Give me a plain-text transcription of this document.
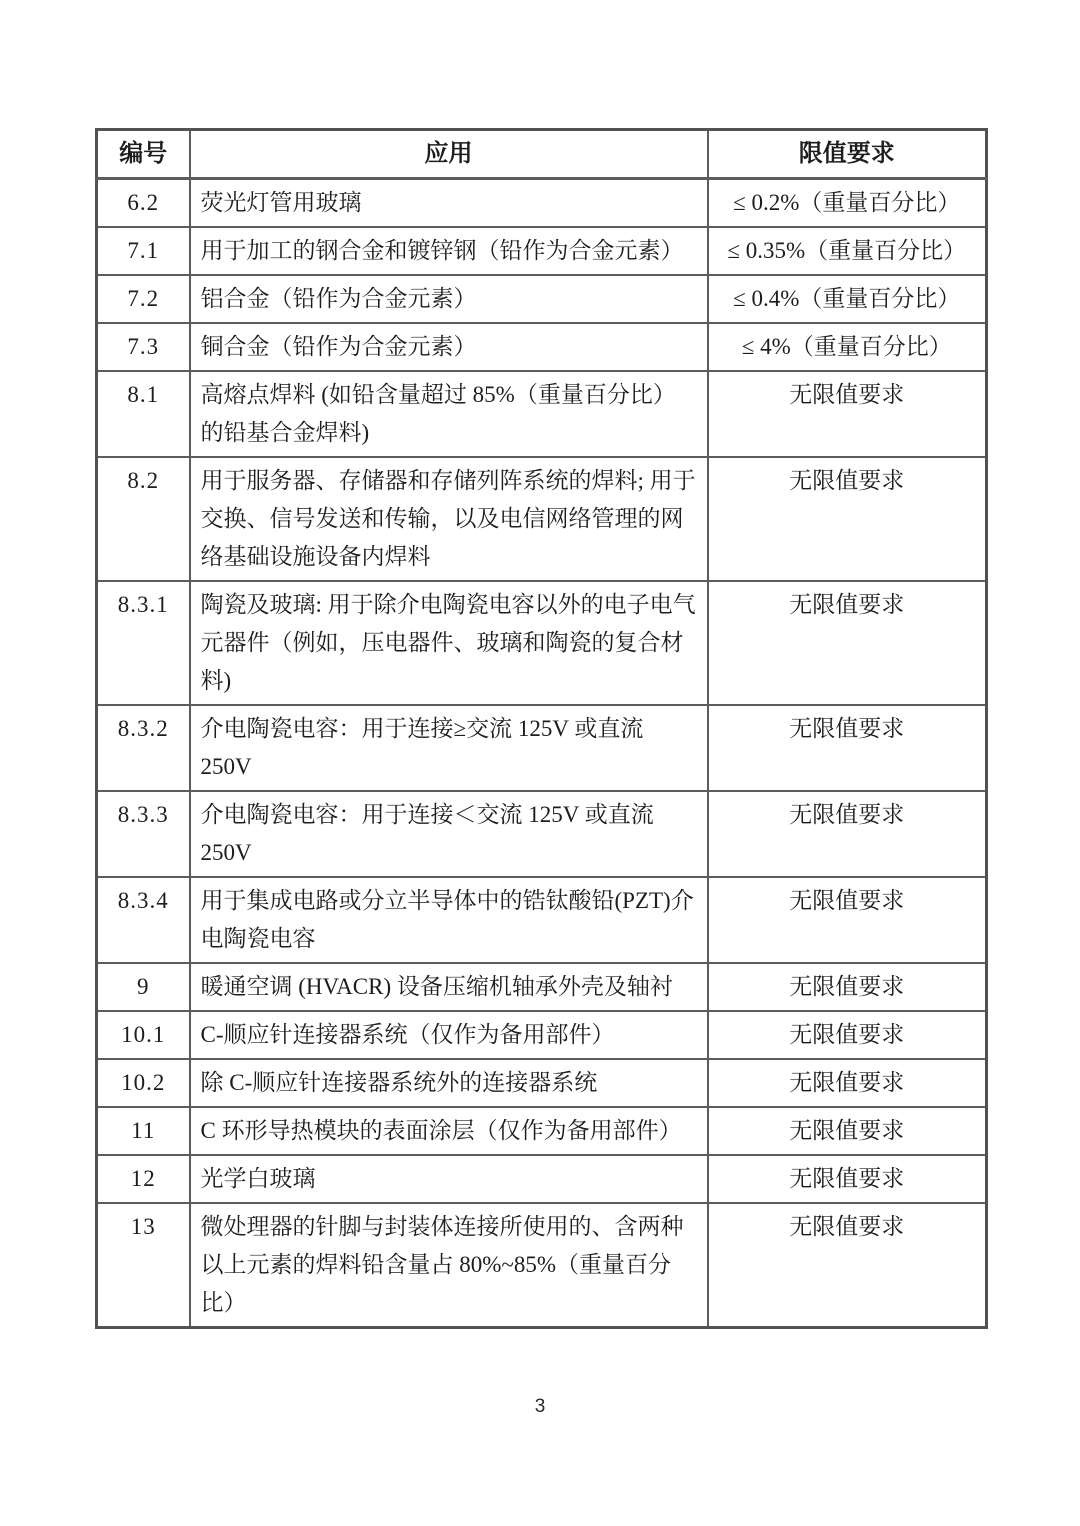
编号	应用	限值要求
6.2	荧光灯管用玻璃	≤ 0.2%（重量百分比）
7.1	用于加工的钢合金和镀锌钢（铅作为合金元素）	≤ 0.35%（重量百分比）
7.2	铝合金（铅作为合金元素）	≤ 0.4%（重量百分比）
7.3	铜合金（铅作为合金元素）	≤ 4%（重量百分比）
8.1	高熔点焊料 (如铅含量超过 85%（重量百分比）的铅基合金焊料)	无限值要求
8.2	用于服务器、存储器和存储列阵系统的焊料; 用于交换、信号发送和传输，以及电信网络管理的网络基础设施设备内焊料	无限值要求
8.3.1	陶瓷及玻璃: 用于除介电陶瓷电容以外的电子电气元器件（例如，压电器件、玻璃和陶瓷的复合材料)	无限值要求
8.3.2	介电陶瓷电容：用于连接≥交流 125V 或直流 250V	无限值要求
8.3.3	介电陶瓷电容：用于连接＜交流 125V 或直流 250V	无限值要求
8.3.4	用于集成电路或分立半导体中的锆钛酸铅(PZT)介电陶瓷电容	无限值要求
9	暖通空调 (HVACR) 设备压缩机轴承外壳及轴衬	无限值要求
10.1	C-顺应针连接器系统（仅作为备用部件）	无限值要求
10.2	除 C-顺应针连接器系统外的连接器系统	无限值要求
11	C 环形导热模块的表面涂层（仅作为备用部件）	无限值要求
12	光学白玻璃	无限值要求
13	微处理器的针脚与封装体连接所使用的、含两种以上元素的焊料铅含量占 80%~85%（重量百分比）	无限值要求
3
